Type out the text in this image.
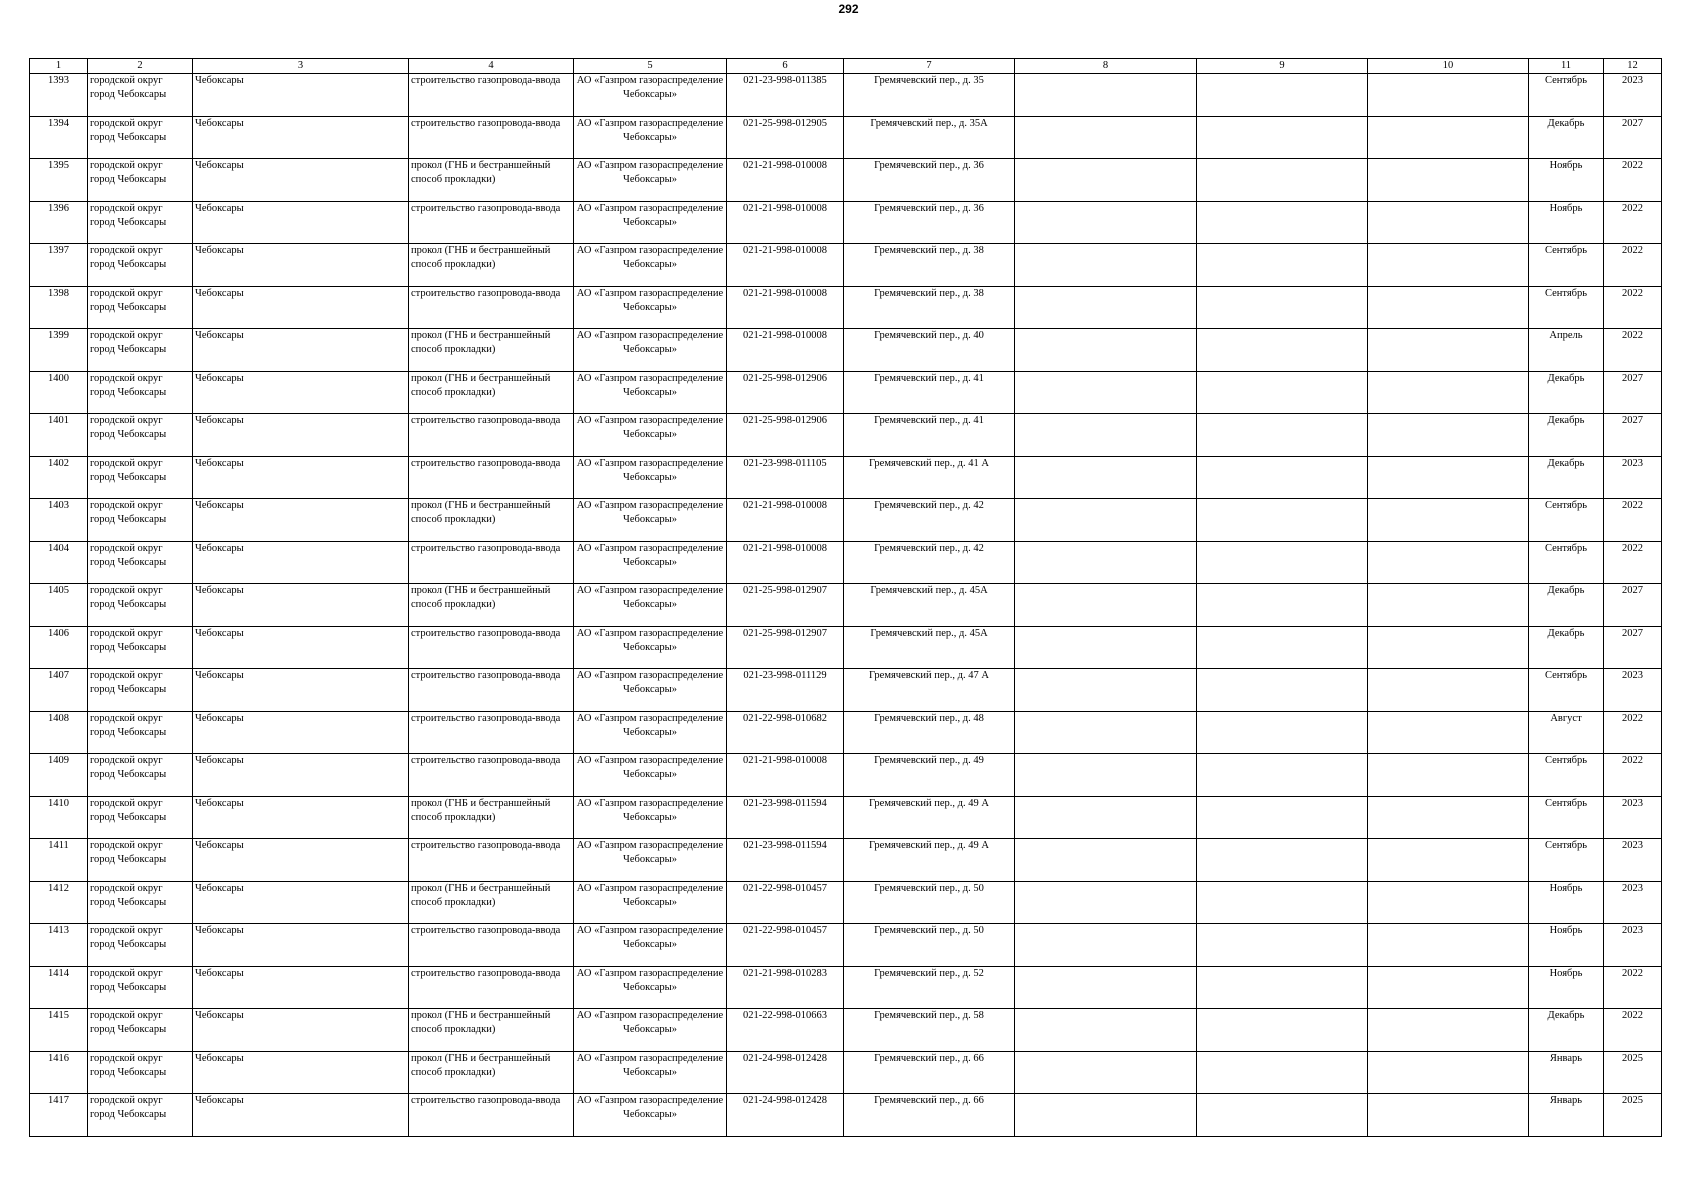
292
1	2	3	4	5	6	7	8	9	10	11	12
1393	городской округ город Чебоксары	Чебоксары	строительство газопровода-ввода	АО «Газпром газораспределение Чебоксары»	021-23-998-011385	Гремячевский пер., д. 35				Сентябрь	2023
1394	городской округ город Чебоксары	Чебоксары	строительство газопровода-ввода	АО «Газпром газораспределение Чебоксары»	021-25-998-012905	Гремячевский пер., д. 35А				Декабрь	2027
1395	городской округ город Чебоксары	Чебоксары	прокол (ГНБ и бестраншейный способ прокладки)	АО «Газпром газораспределение Чебоксары»	021-21-998-010008	Гремячевский пер., д. 36				Ноябрь	2022
1396	городской округ город Чебоксары	Чебоксары	строительство газопровода-ввода	АО «Газпром газораспределение Чебоксары»	021-21-998-010008	Гремячевский пер., д. 36				Ноябрь	2022
1397	городской округ город Чебоксары	Чебоксары	прокол (ГНБ и бестраншейный способ прокладки)	АО «Газпром газораспределение Чебоксары»	021-21-998-010008	Гремячевский пер., д. 38				Сентябрь	2022
1398	городской округ город Чебоксары	Чебоксары	строительство газопровода-ввода	АО «Газпром газораспределение Чебоксары»	021-21-998-010008	Гремячевский пер., д. 38				Сентябрь	2022
1399	городской округ город Чебоксары	Чебоксары	прокол (ГНБ и бестраншейный способ прокладки)	АО «Газпром газораспределение Чебоксары»	021-21-998-010008	Гремячевский пер., д. 40				Апрель	2022
1400	городской округ город Чебоксары	Чебоксары	прокол (ГНБ и бестраншейный способ прокладки)	АО «Газпром газораспределение Чебоксары»	021-25-998-012906	Гремячевский пер., д. 41				Декабрь	2027
1401	городской округ город Чебоксары	Чебоксары	строительство газопровода-ввода	АО «Газпром газораспределение Чебоксары»	021-25-998-012906	Гремячевский пер., д. 41				Декабрь	2027
1402	городской округ город Чебоксары	Чебоксары	строительство газопровода-ввода	АО «Газпром газораспределение Чебоксары»	021-23-998-011105	Гремячевский пер., д. 41 А				Декабрь	2023
1403	городской округ город Чебоксары	Чебоксары	прокол (ГНБ и бестраншейный способ прокладки)	АО «Газпром газораспределение Чебоксары»	021-21-998-010008	Гремячевский пер., д. 42				Сентябрь	2022
1404	городской округ город Чебоксары	Чебоксары	строительство газопровода-ввода	АО «Газпром газораспределение Чебоксары»	021-21-998-010008	Гремячевский пер., д. 42				Сентябрь	2022
1405	городской округ город Чебоксары	Чебоксары	прокол (ГНБ и бестраншейный способ прокладки)	АО «Газпром газораспределение Чебоксары»	021-25-998-012907	Гремячевский пер., д. 45А				Декабрь	2027
1406	городской округ город Чебоксары	Чебоксары	строительство газопровода-ввода	АО «Газпром газораспределение Чебоксары»	021-25-998-012907	Гремячевский пер., д. 45А				Декабрь	2027
1407	городской округ город Чебоксары	Чебоксары	строительство газопровода-ввода	АО «Газпром газораспределение Чебоксары»	021-23-998-011129	Гремячевский пер., д. 47 А				Сентябрь	2023
1408	городской округ город Чебоксары	Чебоксары	строительство газопровода-ввода	АО «Газпром газораспределение Чебоксары»	021-22-998-010682	Гремячевский пер., д. 48				Август	2022
1409	городской округ город Чебоксары	Чебоксары	строительство газопровода-ввода	АО «Газпром газораспределение Чебоксары»	021-21-998-010008	Гремячевский пер., д. 49				Сентябрь	2022
1410	городской округ город Чебоксары	Чебоксары	прокол (ГНБ и бестраншейный способ прокладки)	АО «Газпром газораспределение Чебоксары»	021-23-998-011594	Гремячевский пер., д. 49 А				Сентябрь	2023
1411	городской округ город Чебоксары	Чебоксары	строительство газопровода-ввода	АО «Газпром газораспределение Чебоксары»	021-23-998-011594	Гремячевский пер., д. 49 А				Сентябрь	2023
1412	городской округ город Чебоксары	Чебоксары	прокол (ГНБ и бестраншейный способ прокладки)	АО «Газпром газораспределение Чебоксары»	021-22-998-010457	Гремячевский пер., д. 50				Ноябрь	2023
1413	городской округ город Чебоксары	Чебоксары	строительство газопровода-ввода	АО «Газпром газораспределение Чебоксары»	021-22-998-010457	Гремячевский пер., д. 50				Ноябрь	2023
1414	городской округ город Чебоксары	Чебоксары	строительство газопровода-ввода	АО «Газпром газораспределение Чебоксары»	021-21-998-010283	Гремячевский пер., д. 52				Ноябрь	2022
1415	городской округ город Чебоксары	Чебоксары	прокол (ГНБ и бестраншейный способ прокладки)	АО «Газпром газораспределение Чебоксары»	021-22-998-010663	Гремячевский пер., д. 58				Декабрь	2022
1416	городской округ город Чебоксары	Чебоксары	прокол (ГНБ и бестраншейный способ прокладки)	АО «Газпром газораспределение Чебоксары»	021-24-998-012428	Гремячевский пер., д. 66				Январь	2025
1417	городской округ город Чебоксары	Чебоксары	строительство газопровода-ввода	АО «Газпром газораспределение Чебоксары»	021-24-998-012428	Гремячевский пер., д. 66				Январь	2025
